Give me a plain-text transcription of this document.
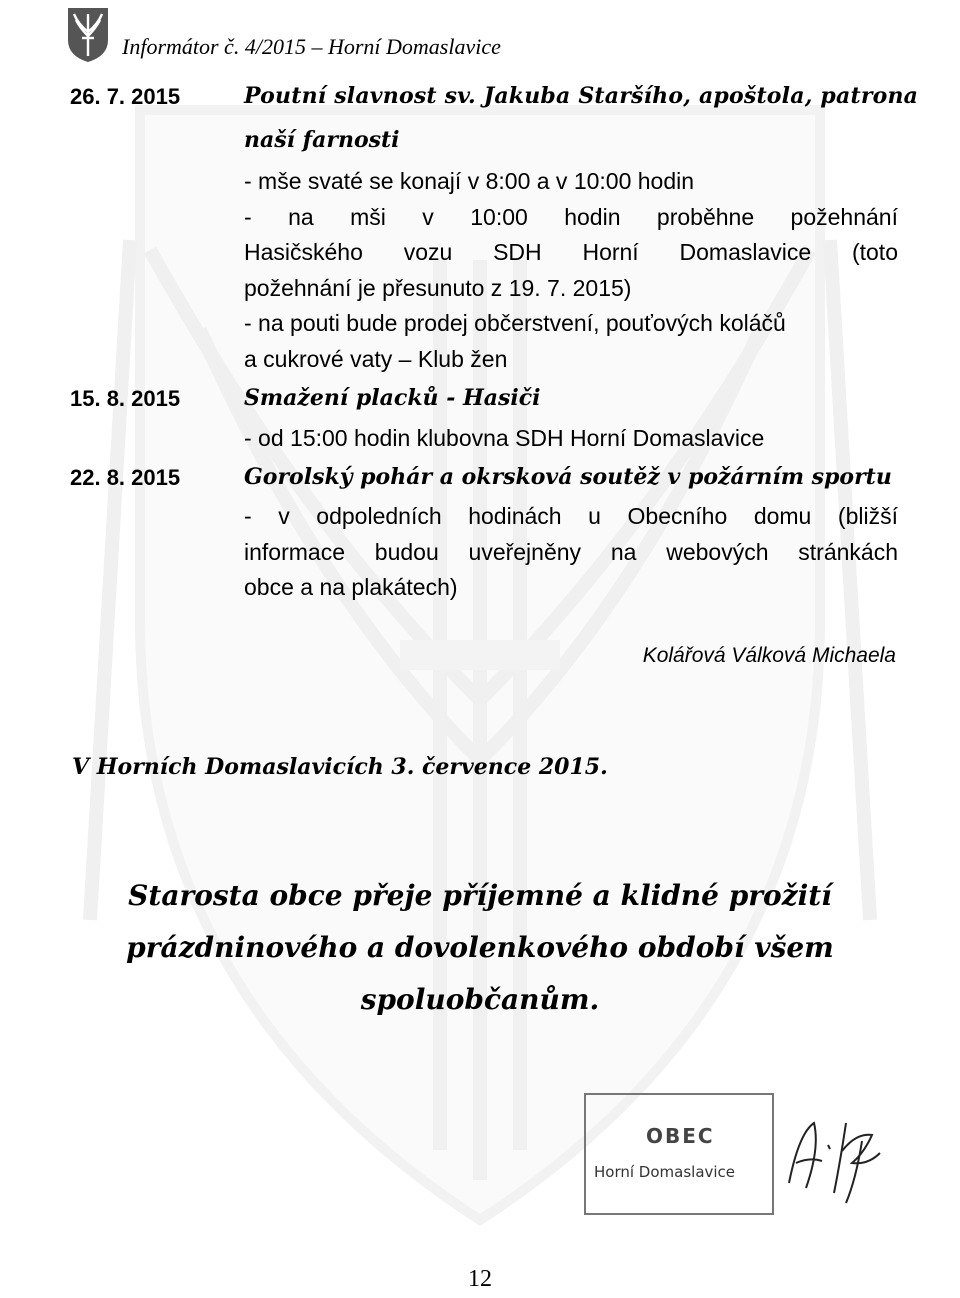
Informátor č. 4/2015 – Horní Domaslavice
26. 7. 2015	Poutní slavnost sv. Jakuba Staršího, apoštola, patrona
naší farnosti
- mše svaté se konají v 8:00 a v 10:00 hodin
- na mši v 10:00 hodin proběhne požehnání
Hasičského vozu SDH Horní Domaslavice (toto
požehnání je přesunuto z 19. 7. 2015)
- na pouti bude prodej občerstvení, pouťových koláčů
a cukrové vaty – Klub žen
15. 8. 2015	Smažení placků - Hasiči
- od 15:00 hodin klubovna SDH Horní Domaslavice
22. 8. 2015	Gorolský pohár a okrsková soutěž v požárním sportu
- v odpoledních hodinách u Obecního domu (bližší
informace budou uveřejněny na webových stránkách
obce a na plakátech)
Kolářová Válková Michaela
V Horních Domaslavicích 3. července 2015.
Starosta obce přeje příjemné a klidné prožití
prázdninového a dovolenkového období všem
spoluobčanům.
OBEC
Horní Domaslavice
12
